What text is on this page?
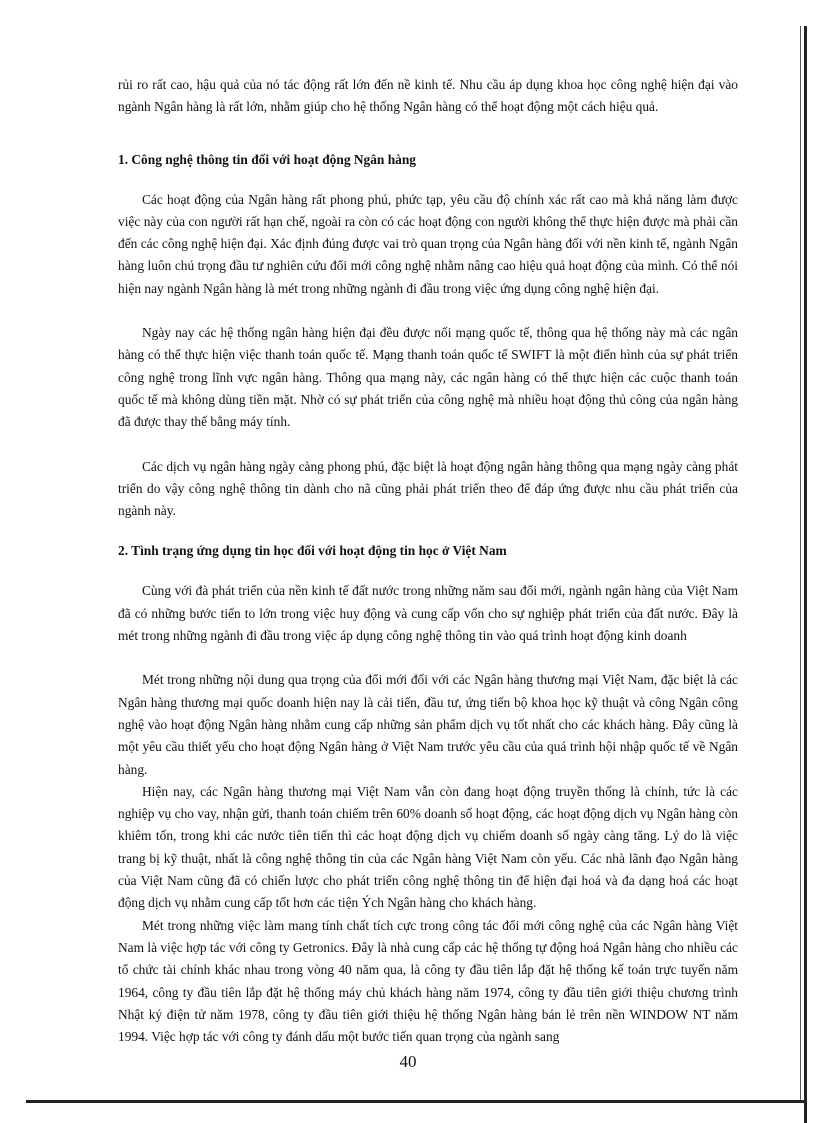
rủi ro rất cao, hậu quả của nó tác động rất lớn đến nề kinh tế. Nhu cầu áp dụng khoa học công nghệ hiện đại vào ngành Ngân hàng là rất lớn, nhằm giúp cho hệ thống Ngân hàng có thể hoạt động một cách hiệu quả.

1. Công nghệ thông tin đối với hoạt động Ngân hàng

Các hoạt động của Ngân hàng rất phong phú, phức tạp, yêu cầu độ chính xác rất cao mà khả năng làm được việc này của con người rất hạn chế, ngoài ra còn có các hoạt động con người không thể thực hiện được mà phải cần đến các công nghệ hiện đại. Xác định đúng được vai trò quan trọng của Ngân hàng đối với nền kinh tế, ngành Ngân hàng luôn chú trọng đầu tư nghiên cứu đổi mới công nghệ nhằm nâng cao hiệu quả hoạt động của mình. Có thể nói hiện nay ngành Ngân hàng là mét trong những ngành đi đầu trong việc ứng dụng công nghệ hiện đại.

Ngày nay các hệ thống ngân hàng hiện đại đều được nối mạng quốc tế, thông qua hệ thống này mà các ngân hàng có thể thực hiện việc thanh toán quốc tế. Mạng thanh toán quốc tế SWIFT là một điển hình của sự phát triển công nghệ trong lĩnh vực ngân hàng. Thông qua mạng này, các ngân hàng có thể thực hiện các cuộc thanh toán quốc tế mà không dùng tiền mặt. Nhờ có sự phát triển của công nghệ mà nhiều hoạt động thủ công của ngân hàng đã được thay thế bằng máy tính.

Các dịch vụ ngân hàng ngày càng phong phú, đặc biệt là hoạt động ngân hàng thông qua mạng ngày càng phát triển do vậy công nghệ thông tin dành cho nã cũng phải phát triển theo để đáp ứng được nhu cầu phát triển của ngành này.

2. Tình trạng ứng dụng tin học đối với hoạt động tin học ở Việt Nam

Cùng với đà phát triển của nền kinh tế đất nước trong những năm sau đổi mới, ngành ngân hàng của Việt Nam đã có những bước tiến to lớn trong việc huy động và cung cấp vốn cho sự nghiệp phát triển của đất nước. Đây là mét trong những ngành đi đầu trong việc áp dụng công nghệ thông tin vào quá trình hoạt động kinh doanh

Mét trong những nội dung qua trọng của đổi mới đối với các Ngân hàng thương mại Việt Nam, đặc biệt là các Ngân hàng thương mại quốc doanh hiện nay là cải tiến, đầu tư, ứng tiến bộ khoa học kỹ thuật và công Ngân công nghệ vào hoạt động Ngân hàng nhằm cung cấp những sản phẩm dịch vụ tốt nhất cho các khách hàng. Đây cũng là một yêu cầu thiết yếu cho hoạt động Ngân hàng ở Việt Nam trước yêu cầu của quá trình hội nhập quốc tế về Ngân hàng.

Hiện nay, các Ngân hàng thương mại Việt Nam vẫn còn đang hoạt động truyền thống là chính, tức là các nghiệp vụ cho vay, nhận gửi, thanh toán chiếm trên 60% doanh số hoạt động, các hoạt động dịch vụ Ngân hàng còn khiêm tốn, trong khi các nước tiên tiến thì các hoạt động dịch vụ chiếm doanh số ngày càng tăng. Lý do là việc trang bị kỹ thuật, nhất là công nghệ thông tin của các Ngân hàng Việt Nam còn yếu. Các nhà lãnh đạo Ngân hàng của Việt Nam cũng đã có chiến lược cho phát triển công nghệ thông tin để hiện đại hoá và đa dạng hoá các hoạt động dịch vụ nhằm cung cấp tốt hơn các tiện Ých Ngân hàng cho khách hàng.

Mét trong những việc làm mang tính chất tích cực trong công tác đổi mới công nghệ của các Ngân hàng Việt Nam là việc hợp tác với công ty Getronics. Đây là nhà cung cấp các hệ thống tự động hoá Ngân hàng cho nhiều các tổ chức tài chính khác nhau trong vòng 40 năm qua, là công ty đầu tiên lắp đặt hệ thống kế toán trực tuyến năm 1964, công ty đầu tiên lắp đặt hệ thống máy chủ khách hàng năm 1974, công ty đầu tiên giới thiệu chương trình Nhật ký điện tử năm 1978, công ty đầu tiên giới thiệu hệ thống Ngân hàng bán lẻ trên nền WINDOW NT năm 1994. Việc hợp tác với công ty đánh dấu một bước tiến quan trọng của ngành sang

40
